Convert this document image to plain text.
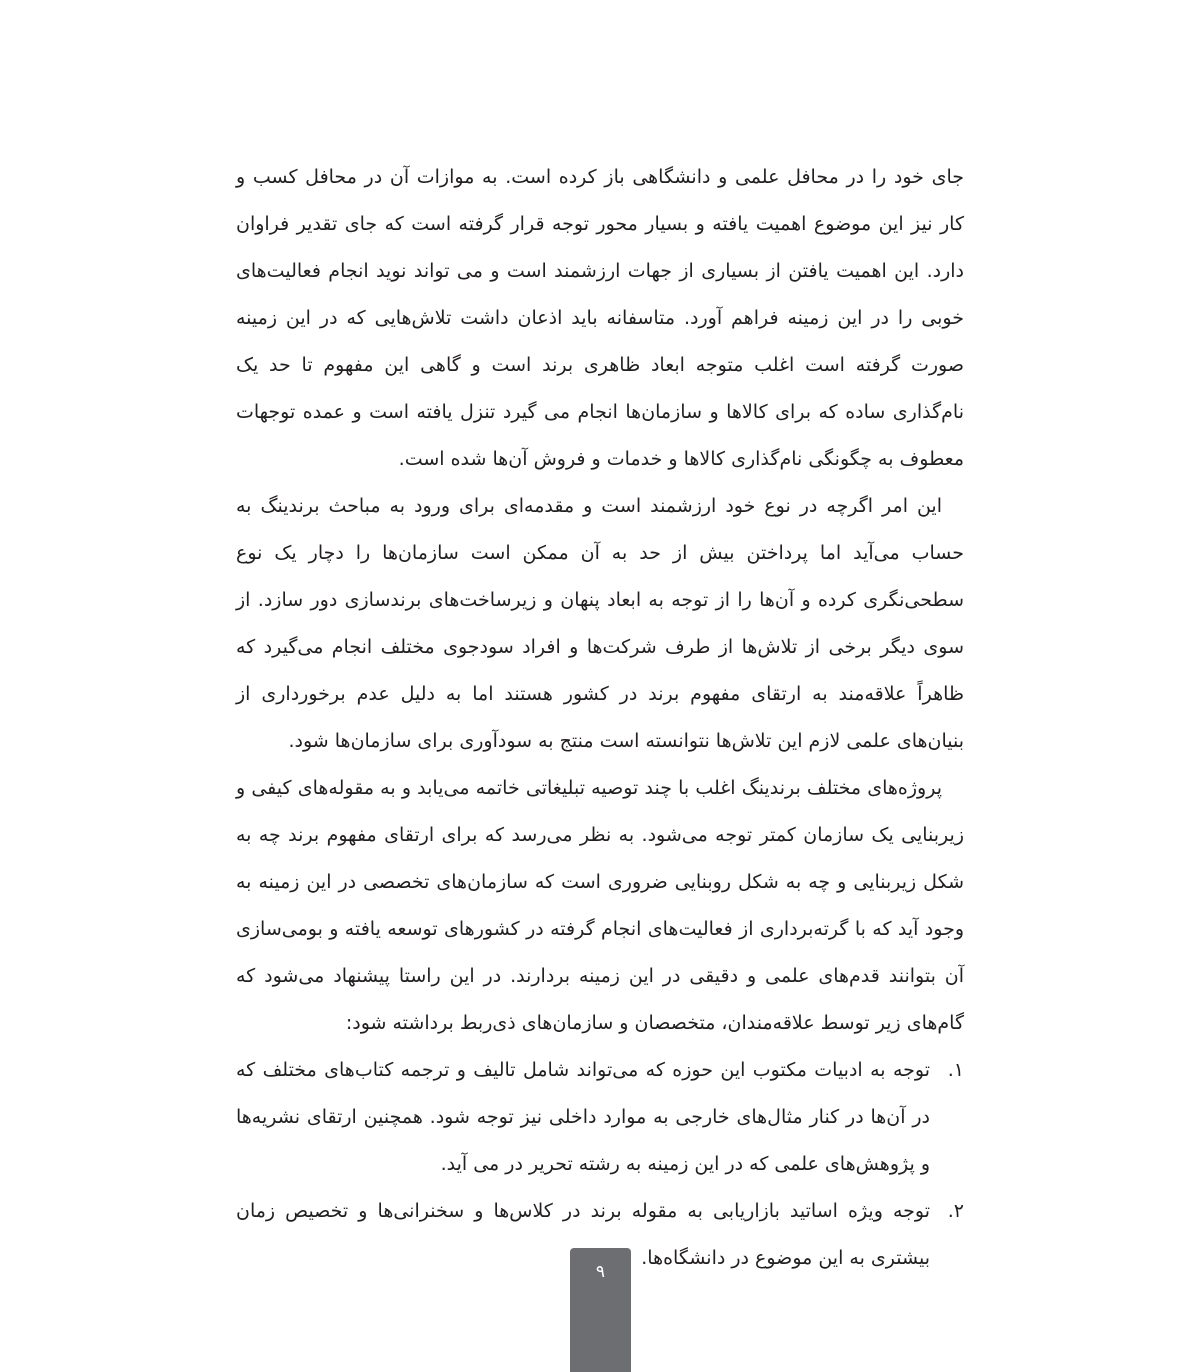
جای خود را در محافل علمی و دانشگاهی باز کرده است. به موازات آن در محافل کسب و کار نیز این موضوع اهمیت یافته و بسیار محور توجه قرار گرفته است که جای تقدیر فراوان دارد. این اهمیت یافتن از بسیاری از جهات ارزشمند است و می تواند نوید انجام فعالیت‌های خوبی را در این زمینه فراهم آورد. متاسفانه باید اذعان داشت تلاش‌هایی که در این زمینه صورت گرفته است اغلب متوجه ابعاد ظاهری برند است و گاهی این مفهوم تا حد یک نام‌گذاری ساده که برای کالاها و سازمان‌ها انجام می گیرد تنزل یافته است و عمده توجهات معطوف به چگونگی نام‌گذاری کالاها و خدمات و فروش آن‌ها شده است.

این امر اگرچه در نوع خود ارزشمند است و مقدمه‌ای برای ورود به مباحث برندینگ به حساب می‌آید اما پرداختن بیش از حد به آن ممکن است سازمان‌ها را دچار یک نوع سطحی‌نگری کرده و آن‌ها را از توجه به ابعاد پنهان و زیرساخت‌های برندسازی دور سازد. از سوی دیگر برخی از تلاش‌ها از طرف شرکت‌ها و افراد سودجوی مختلف انجام می‌گیرد که ظاهراً علاقه‌مند به ارتقای مفهوم برند در کشور هستند اما به دلیل عدم برخورداری از بنیان‌های علمی لازم این تلاش‌ها نتوانسته است منتج به سودآوری برای سازمان‌ها شود.

پروژه‌های مختلف برندینگ اغلب با چند توصیه تبلیغاتی خاتمه می‌یابد و به مقوله‌های کیفی و زیربنایی یک سازمان کمتر توجه می‌شود. به نظر می‌رسد که برای ارتقای مفهوم برند چه به شکل زیربنایی و چه به شکل روبنایی ضروری است که سازمان‌های تخصصی در این زمینه به وجود آید که با گرته‌برداری از فعالیت‌های انجام گرفته در کشورهای توسعه یافته و بومی‌سازی آن بتوانند قدم‌های علمی و دقیقی در این زمینه بردارند. در این راستا پیشنهاد می‌شود که گام‌های زیر توسط علاقه‌مندان، متخصصان و سازمان‌های ذی‌ربط برداشته شود:

۱.
توجه به ادبیات مکتوب این حوزه که می‌تواند شامل تالیف و ترجمه کتاب‌های مختلف که در آن‌ها در کنار مثال‌های خارجی به موارد داخلی نیز توجه شود. همچنین ارتقای نشریه‌ها و پژوهش‌های علمی که در این زمینه به رشته تحریر در می آید.
۲.
توجه ویژه اساتید بازاریابی به مقوله برند در کلاس‌ها و سخنرانی‌ها و تخصیص زمان بیشتری به این موضوع در دانشگاه‌ها.
۹
